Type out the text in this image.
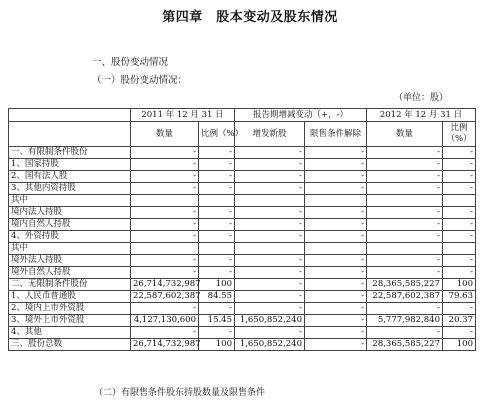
第四章　股本变动及股东情况
一、股份变动情况
（一）股份变动情况：
（单位：股）
	2011 年 12 月 31 日		报告期增减变动（+，-）		2012 年 12 月 31 日	
	数量	比例（%）	增发新股	限售条件解除	数量	比例（%）
一、有限制条件股份	-	-	-	-	-	-
1、国家持股	-	-	-	-	-	-
2、国有法人股	-	-	-	-	-	-
3、其他内资持股	-	-	-	-	-	-
其中						
境内法人持股	-	-	-	-	-	-
境内自然人持股	-	-	-	-	-	-
4、外资持股	-	-	-	-	-	-
其中						
境外法人持股	-	-	-	-	-	-
境外自然人持股	-	-	-	-	-	-
二、无限制条件股份	26,714,732,987	100	-	-	28,365,585,227	100
1、人民币普通股	22,587,602,387	84.55	-	-	22,587,602,387	79.63
2、境内上市外资股	-	-	-	-	-	-
3、境外上市外资股	4,127,130,600	15.45	1,650,852,240	-	5,777,982,840	20.37
4、其他	-	-	-	-	-	-
三、股份总数	26,714,732,987	100	1,650,852,240	-	28,365,585,227	100
（二）有限售条件股东持股数量及限售条件
